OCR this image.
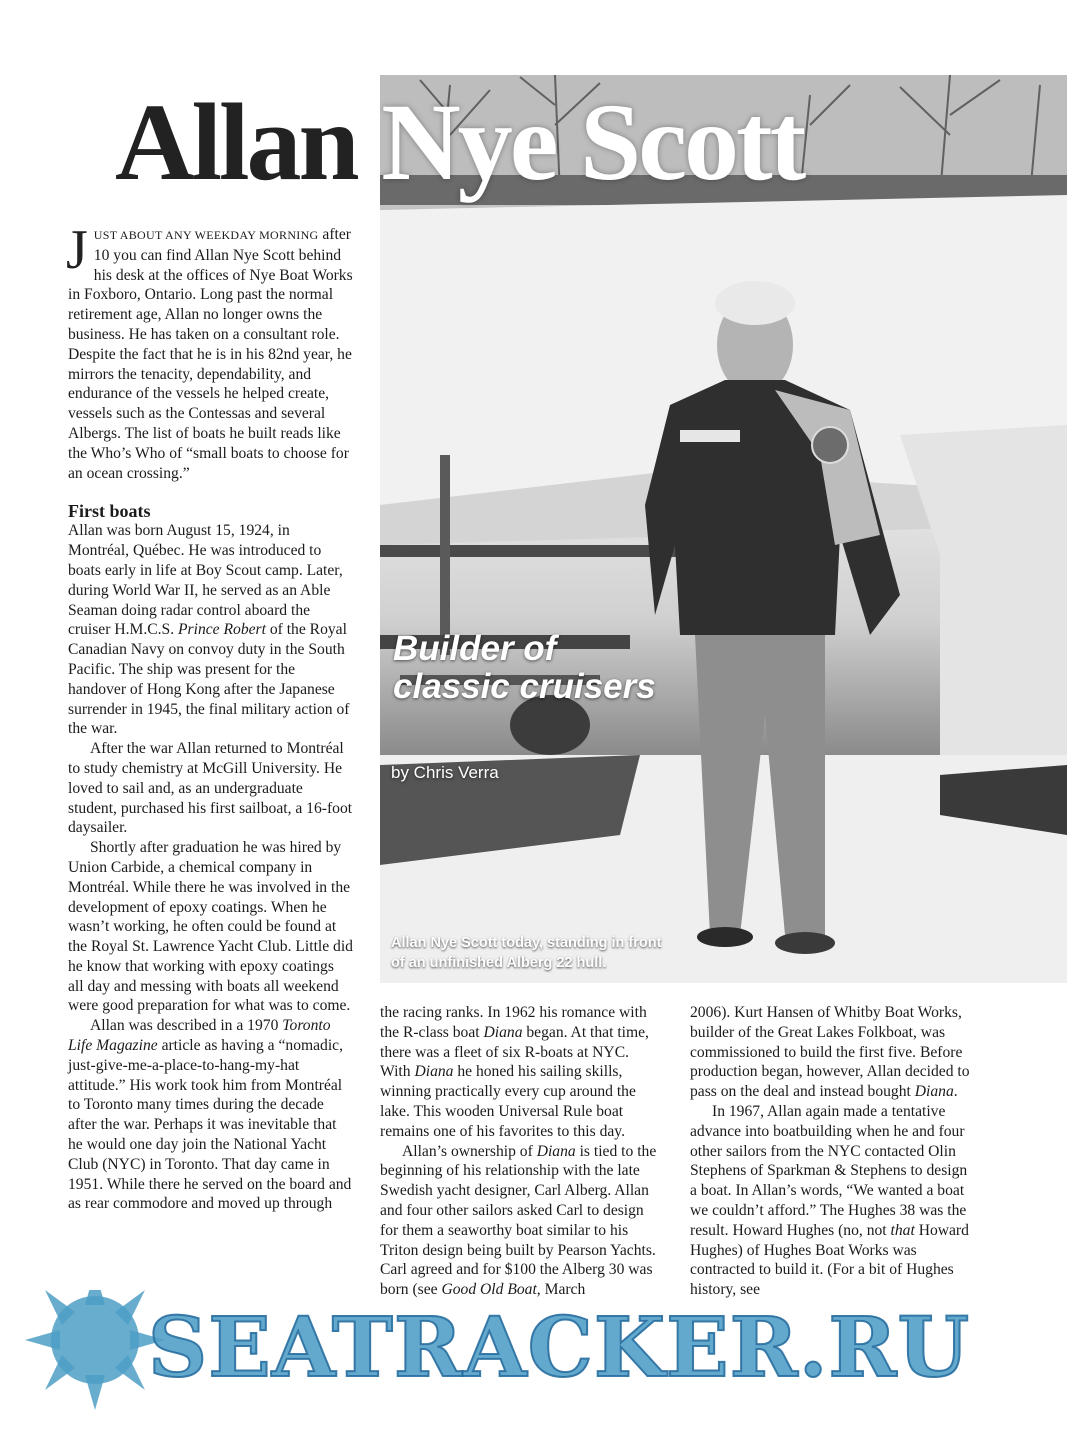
Allan Nye Scott
Builder of
classic cruisers
by Chris Verra
Allan Nye Scott today, standing in front of an unfinished Alberg 22 hull.

JUST ABOUT ANY WEEKDAY MORNING after 10 you can find Allan Nye Scott behind his desk at the offices of Nye Boat Works in Foxboro, Ontario. Long past the normal retirement age, Allan no longer owns the business. He has taken on a consultant role. Despite the fact that he is in his 82nd year, he mirrors the tenacity, dependability, and endurance of the vessels he helped create, vessels such as the Contessas and several Albergs. The list of boats he built reads like the Who’s Who of “small boats to choose for an ocean crossing.”

First boats

Allan was born August 15, 1924, in Montréal, Québec. He was introduced to boats early in life at Boy Scout camp. Later, during World War II, he served as an Able Seaman doing radar control aboard the cruiser H.M.C.S. Prince Robert of the Royal Canadian Navy on convoy duty in the South Pacific. The ship was present for the handover of Hong Kong after the Japanese surrender in 1945, the final military action of the war.

After the war Allan returned to Montréal to study chemistry at McGill University. He loved to sail and, as an undergraduate student, purchased his first sailboat, a 16-foot daysailer.

Shortly after graduation he was hired by Union Carbide, a chemical company in Montréal. While there he was involved in the development of epoxy coatings. When he wasn’t working, he often could be found at the Royal St. Lawrence Yacht Club. Little did he know that working with epoxy coatings all day and messing with boats all weekend were good preparation for what was to come.

Allan was described in a 1970 Toronto Life Magazine article as having a “nomadic, just-give-me-a-place-to-hang-my-hat attitude.” His work took him from Montréal to Toronto many times during the decade after the war. Perhaps it was inevitable that he would one day join the National Yacht Club (NYC) in Toronto. That day came in 1951. While there he served on the board and as rear commodore and moved up through

the racing ranks. In 1962 his romance with the R-class boat Diana began. At that time, there was a fleet of six R-boats at NYC. With Diana he honed his sailing skills, winning practically every cup around the lake. This wooden Universal Rule boat remains one of his favorites to this day.

Allan’s ownership of Diana is tied to the beginning of his relationship with the late Swedish yacht designer, Carl Alberg. Allan and four other sailors asked Carl to design for them a seaworthy boat similar to his Triton design being built by Pearson Yachts. Carl agreed and for $100 the Alberg 30 was born (see Good Old Boat, March

2006). Kurt Hansen of Whitby Boat Works, builder of the Great Lakes Folkboat, was commissioned to build the first five. Before production began, however, Allan decided to pass on the deal and instead bought Diana.

In 1967, Allan again made a tentative advance into boatbuilding when he and four other sailors from the NYC contacted Olin Stephens of Sparkman & Stephens to design a boat. In Allan’s words, “We wanted a boat we couldn’t afford.” The Hughes 38 was the result. Howard Hughes (no, not that Howard Hughes) of Hughes Boat Works was contracted to build it. (For a bit of Hughes history, see

SEATRACKER.RU
